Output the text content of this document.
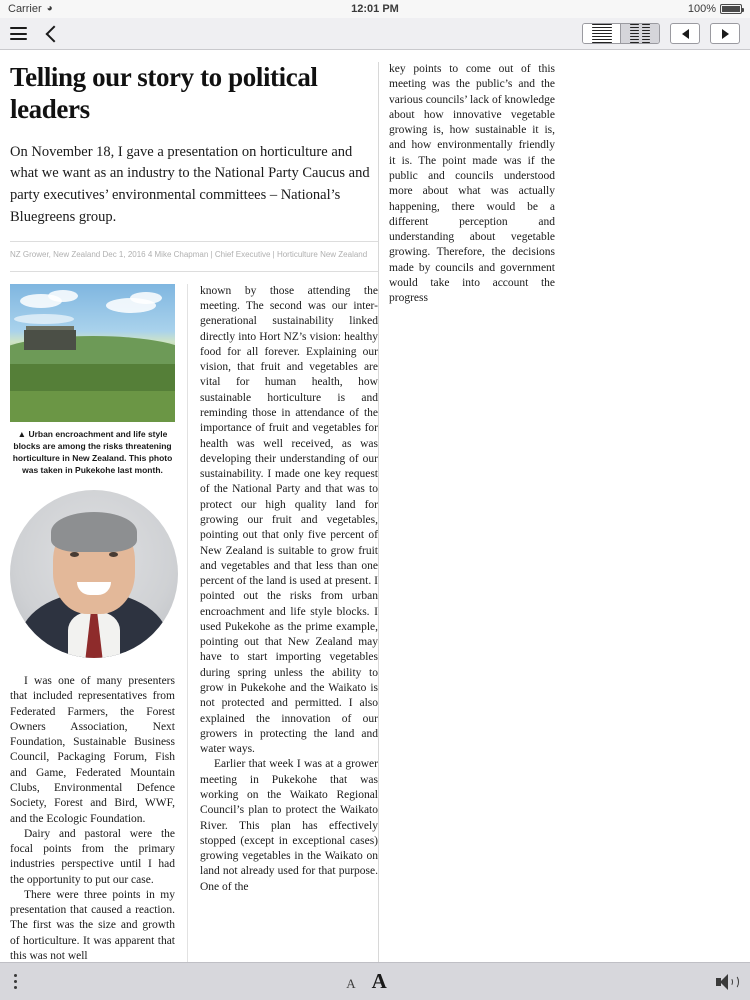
Carrier ◕	12:01 PM	100%
Telling our story to political leaders
On November 18, I gave a presentation on horticulture and what we want as an industry to the National Party Caucus and party executives’ environmental committees – National’s Bluegreens group.
NZ Grower, New Zealand Dec 1, 2016 4 Mike Chapman | Chief Executive | Horticulture New Zealand
▲ Urban encroachment and life style blocks are among the risks threatening horticulture in New Zealand. This photo was taken in Pukekohe last month.

I was one of many presenters that included representatives from Federated Farmers, the Forest Owners Association, Next Foundation, Sustainable Business Council, Packaging Forum, Fish and Game, Federated Mountain Clubs, Environmental Defence Society, Forest and Bird, WWF, and the Ecologic Foundation.

Dairy and pastoral were the focal points from the primary industries perspective until I had the opportunity to put our case.

There were three points in my presentation that caused a reaction. The first was the size and growth of horticulture. It was apparent that this was not well

known by those attending the meeting. The second was our inter-generational sustainability linked directly into Hort NZ’s vision: healthy food for all forever. Explaining our vision, that fruit and vegetables are vital for human health, how sustainable horticulture is and reminding those in attendance of the importance of fruit and vegetables for health was well received, as was developing their understanding of our sustainability. I made one key request of the National Party and that was to protect our high quality land for growing our fruit and vegetables, pointing out that only five percent of New Zealand is suitable to grow fruit and vegetables and that less than one percent of the land is used at present. I pointed out the risks from urban encroachment and life style blocks. I used Pukekohe as the prime example, pointing out that New Zealand may have to start importing vegetables during spring unless the ability to grow in Pukekohe and the Waikato is not protected and permitted. I also explained the innovation of our growers in protecting the land and water ways.

Earlier that week I was at a grower meeting in Pukekohe that was working on the Waikato Regional Council’s plan to protect the Waikato River. This plan has effectively stopped (except in exceptional cases) growing vegetables in the Waikato on land not already used for that purpose. One of the

key points to come out of this meeting was the public’s and the various councils’ lack of knowledge about how innovative vegetable growing is, how sustainable it is, and how environmentally friendly it is. The point made was if the public and councils understood more about what was actually happening, there would be a different perception and understanding about vegetable growing. Therefore, the decisions made by councils and government would take into account the progress

A A
